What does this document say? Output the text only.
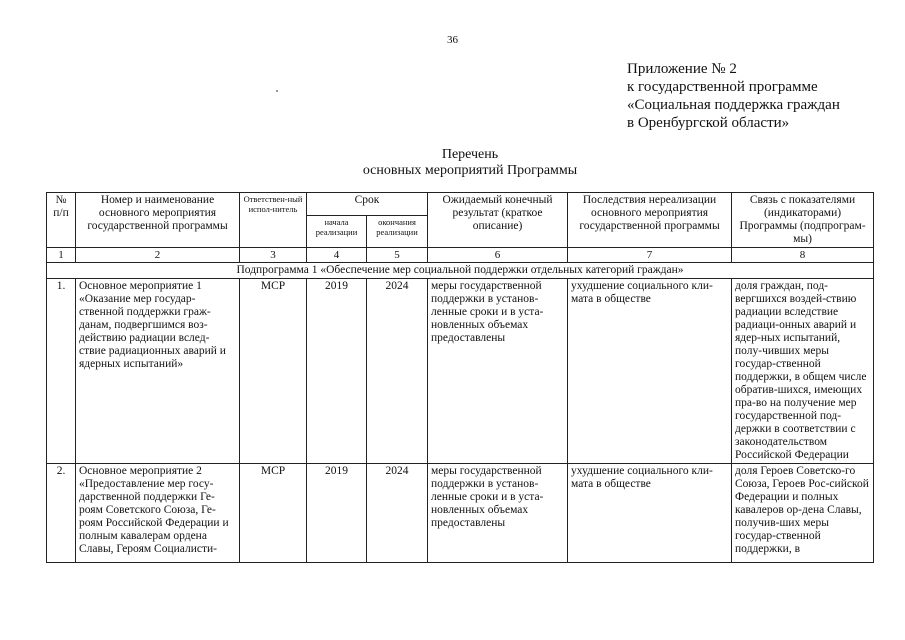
36
Приложение № 2
к государственной программе
«Социальная поддержка граждан
в Оренбургской области»
Перечень
основных мероприятий Программы
№ п/п	Номер и наименование основного мероприятия государственной программы	Ответствен-ный испол-нитель	Срок		Ожидаемый конечный результат (краткое описание)	Последствия нереализации основного мероприятия государственной программы	Связь с показателями (индикаторами) Программы (подпрограм-мы)
			начала реализации	окончания реализации			
1	2	3	4	5	6	7	8
Подпрограмма 1 «Обеспечение мер социальной поддержки отдельных категорий граждан»							
1.	Основное мероприятие 1 «Оказание мер государ-ственной поддержки граж-данам, подвергшимся воз-действию радиации вслед-ствие радиационных аварий и ядерных испытаний»	МСР	2019	2024	меры государственной поддержки в установ-ленные сроки и в уста-новленных объемах предоставлены	ухудшение социального кли-мата в обществе	доля граждан, под-вергшихся воздей-ствию радиации вследствие радиаци-онных аварий и ядер-ных испытаний, полу-чивших меры государ-ственной поддержки, в общем числе обратив-шихся, имеющих пра-во на получение мер государственной под-держки в соответствии с законодательством Российской Федерации
2.	Основное мероприятие 2 «Предоставление мер госу-дарственной поддержки Ге-роям Советского Союза, Ге-роям Российской Федерации и полным кавалерам ордена Славы, Героям Социалисти-	МСР	2019	2024	меры государственной поддержки в установ-ленные сроки и в уста-новленных объемах предоставлены	ухудшение социального кли-мата в обществе	доля Героев Советско-го Союза, Героев Рос-сийской Федерации и полных кавалеров ор-дена Славы, получив-ших меры государ-ственной поддержки, в
